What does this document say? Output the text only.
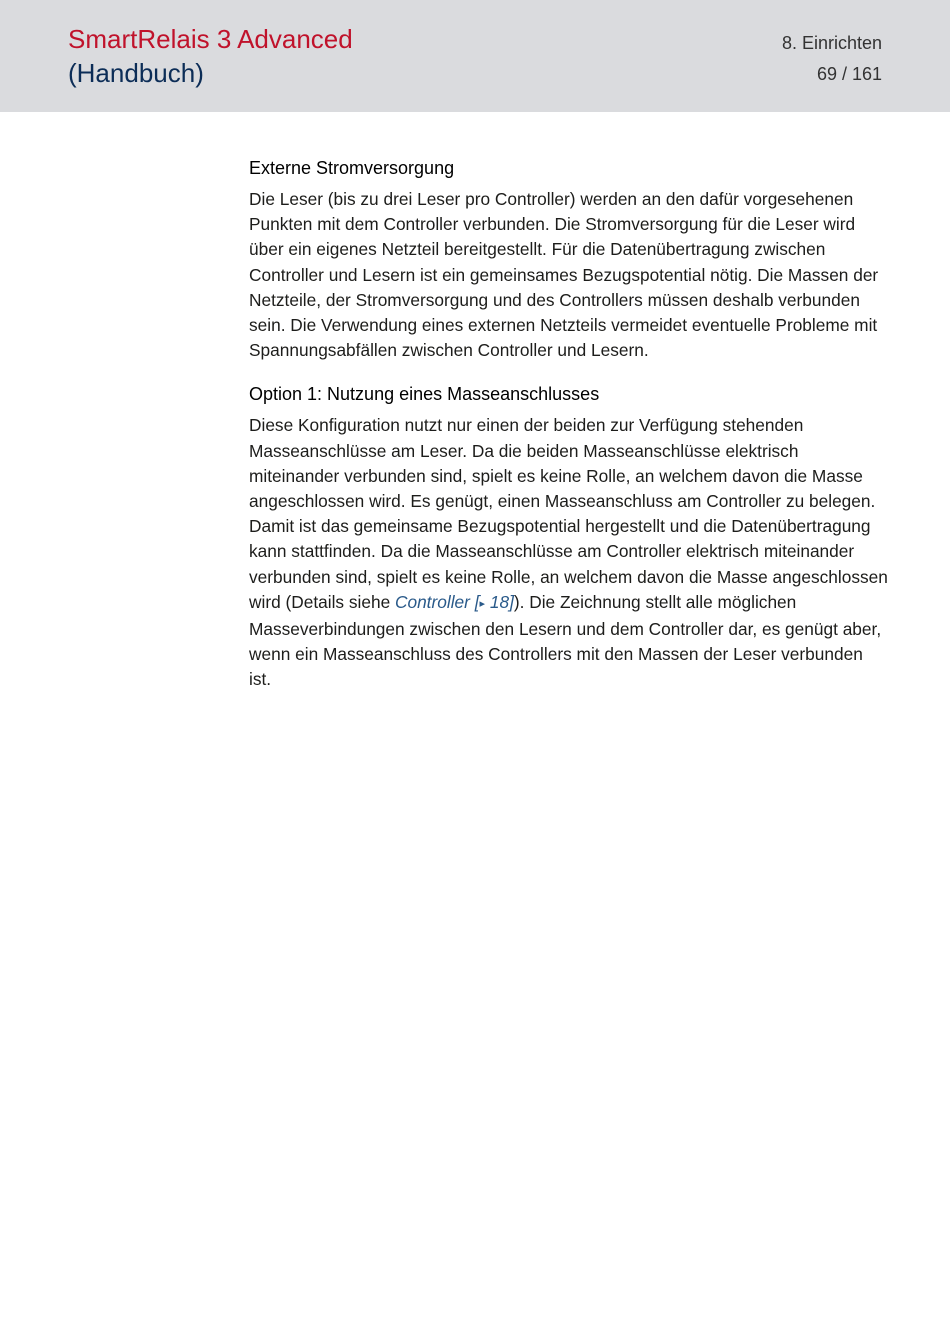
SmartRelais 3 Advanced
(Handbuch)
8. Einrichten
69 / 161
Externe Stromversorgung

Die Leser (bis zu drei Leser pro Controller) werden an den dafür vorgesehenen Punkten mit dem Controller verbunden. Die Stromversorgung für die Leser wird über ein eigenes Netzteil bereitgestellt. Für die Datenübertragung zwischen Controller und Lesern ist ein gemeinsames Bezugspotential nötig. Die Massen der Netzteile, der Stromversorgung und des Controllers müssen deshalb verbunden sein. Die Verwendung eines externen Netzteils vermeidet eventuelle Probleme mit Spannungsabfällen zwischen Controller und Lesern.

Option 1: Nutzung eines Masseanschlusses

Diese Konfiguration nutzt nur einen der beiden zur Verfügung stehenden Masseanschlüsse am Leser. Da die beiden Masseanschlüsse elektrisch miteinander verbunden sind, spielt es keine Rolle, an welchem davon die Masse angeschlossen wird. Es genügt, einen Masseanschluss am Controller zu belegen. Damit ist das gemeinsame Bezugspotential hergestellt und die Datenübertragung kann stattfinden. Da die Masseanschlüsse am Controller elektrisch miteinander verbunden sind, spielt es keine Rolle, an welchem davon die Masse angeschlossen wird (Details siehe Controller [▸ 18]). Die Zeichnung stellt alle möglichen Masseverbindungen zwischen den Lesern und dem Controller dar, es genügt aber, wenn ein Masseanschluss des Controllers mit den Massen der Leser verbunden ist.
